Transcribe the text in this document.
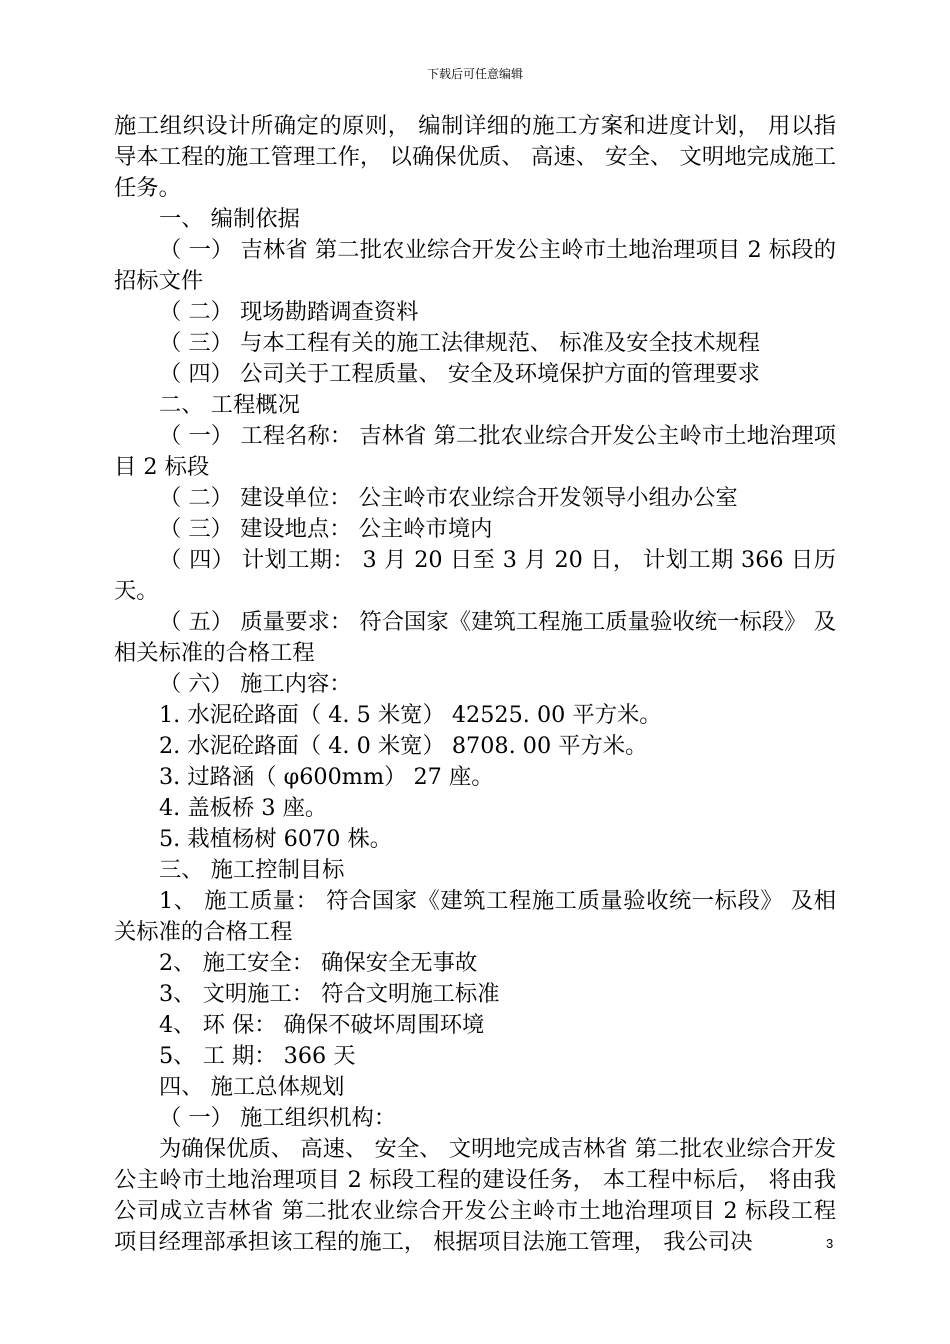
下载后可任意编辑

施工组织设计所确定的原则， 编制详细的施工方案和进度计划， 用以指导本工程的施工管理工作， 以确保优质、 高速、 安全、 文明地完成施工任务。

一、 编制依据

（ 一） 吉林省 第二批农业综合开发公主岭市土地治理项目 2 标段的招标文件

（ 二） 现场勘踏调查资料

（ 三） 与本工程有关的施工法律规范、 标准及安全技术规程

（ 四） 公司关于工程质量、 安全及环境保护方面的管理要求

二、 工程概况

（ 一） 工程名称： 吉林省 第二批农业综合开发公主岭市土地治理项目 2 标段

（ 二） 建设单位： 公主岭市农业综合开发领导小组办公室

（ 三） 建设地点： 公主岭市境内

（ 四） 计划工期： 3 月 20 日至 3 月 20 日， 计划工期 366 日历天。

（ 五） 质量要求： 符合国家《建筑工程施工质量验收统一标段》 及相关标准的合格工程

（ 六） 施工内容：

1. 水泥砼路面（ 4. 5 米宽） 42525. 00 平方米。

2. 水泥砼路面（ 4. 0 米宽） 8708. 00 平方米。

3. 过路涵（ φ600mm） 27 座。

4. 盖板桥 3 座。

5. 栽植杨树 6070 株。

三、 施工控制目标

1、 施工质量： 符合国家《建筑工程施工质量验收统一标段》 及相关标准的合格工程

2、 施工安全： 确保安全无事故

3、 文明施工： 符合文明施工标准

4、 环 保： 确保不破坏周围环境

5、 工 期： 366 天

四、 施工总体规划

（ 一） 施工组织机构：

为确保优质、 高速、 安全、 文明地完成吉林省 第二批农业综合开发公主岭市土地治理项目 2 标段工程的建设任务， 本工程中标后， 将由我公司成立吉林省 第二批农业综合开发公主岭市土地治理项目 2 标段工程项目经理部承担该工程的施工， 根据项目法施工管理， 我公司决	3
